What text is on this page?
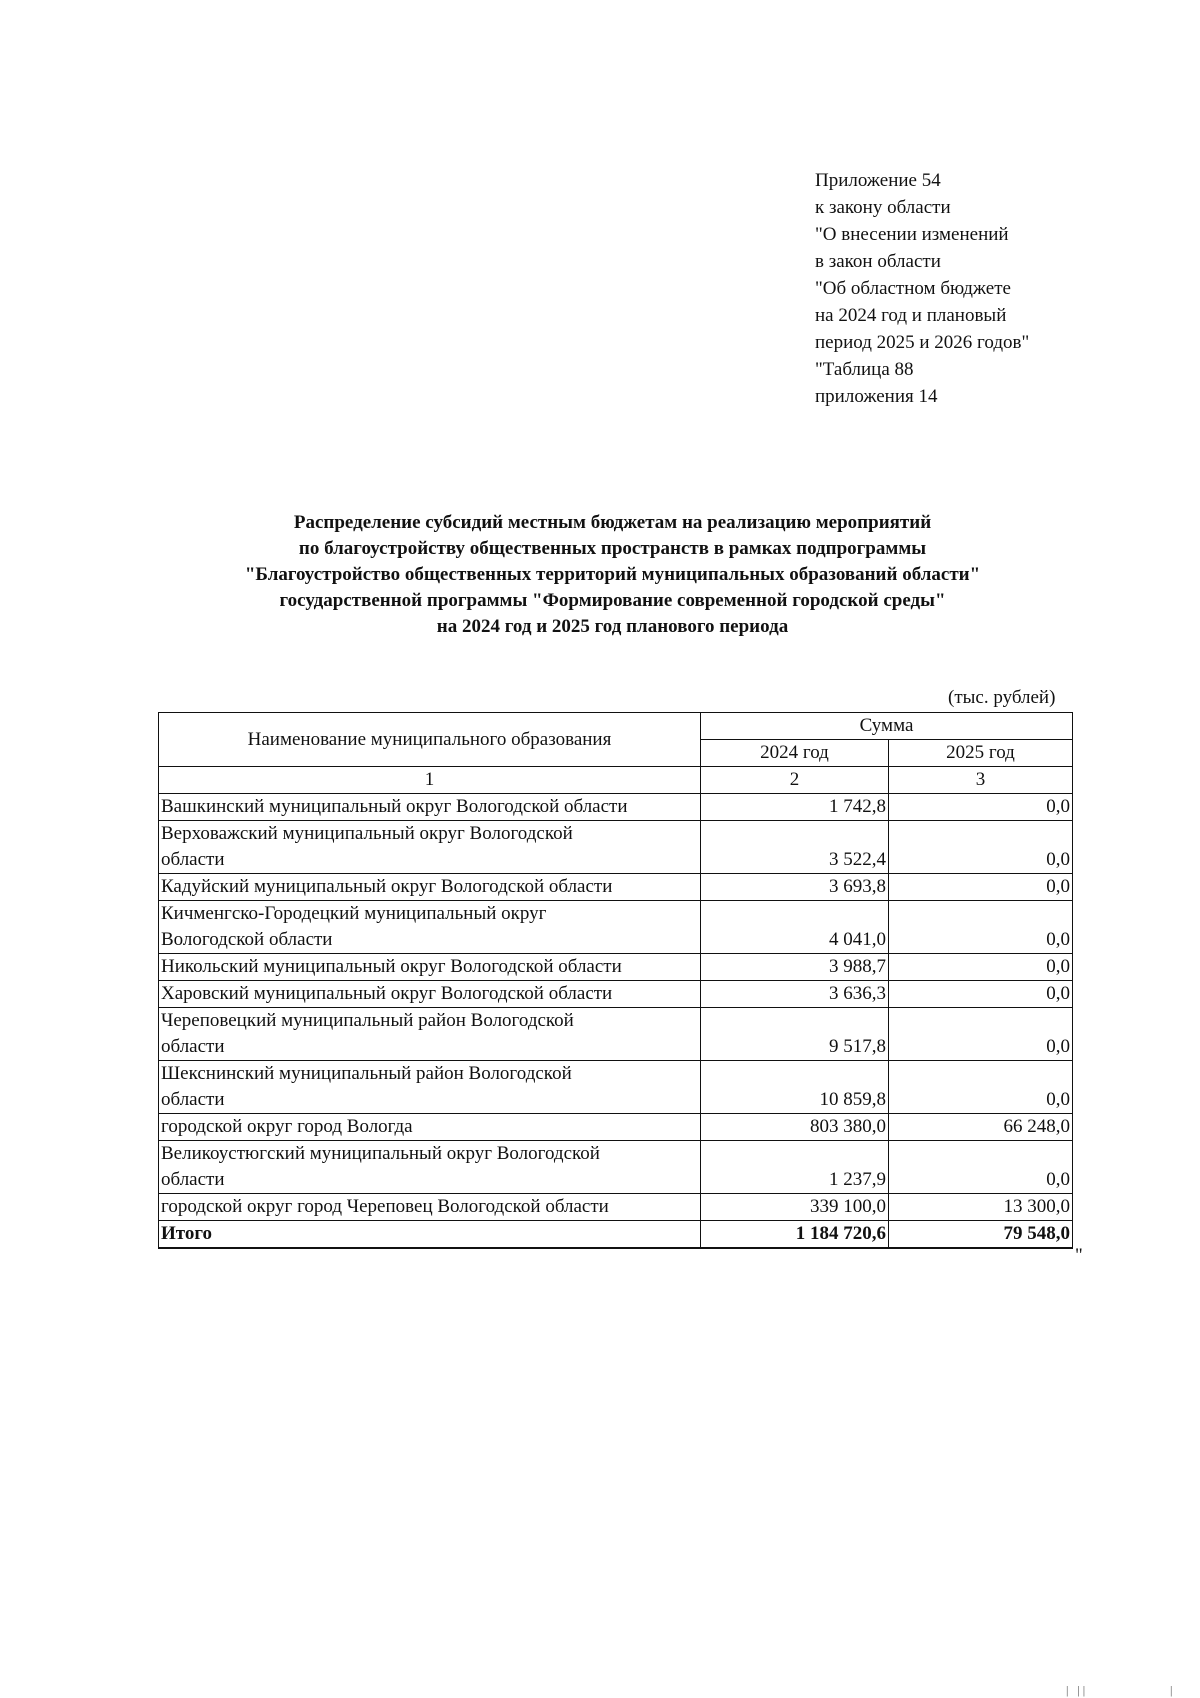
Приложение 54
к закону области
"О внесении изменений
в закон области
"Об областном бюджете
на 2024 год и плановый
период 2025 и 2026 годов"
"Таблица 88
приложения 14
Распределение субсидий местным бюджетам на реализацию мероприятий
по благоустройству общественных пространств в рамках подпрограммы
"Благоустройство общественных территорий муниципальных образований области"
государственной программы "Формирование современной городской среды"
на 2024 год и 2025 год планового периода
(тыс. рублей)
Наименование муниципального образования	Сумма	
	2024 год	2025 год
1	2	3

Вашкинский муниципальный округ Вологодской области	1 742,8	0,0

Верховажский муниципальный округ Вологодской
области	3 522,4	0,0

Кадуйский муниципальный округ Вологодской области	3 693,8	0,0

Кичменгско-Городецкий муниципальный округ
Вологодской области	4 041,0	0,0

Никольский муниципальный округ Вологодской области	3 988,7	0,0

Харовский муниципальный округ Вологодской области	3 636,3	0,0

Череповецкий муниципальный район Вологодской
области	9 517,8	0,0

Шекснинский муниципальный район Вологодской
области	10 859,8	0,0

городской округ город Вологда	803 380,0	66 248,0

Великоустюгский муниципальный округ Вологодской
области	1 237,9	0,0

городской округ город Череповец Вологодской области	339 100,0	13 300,0
Итого	1 184 720,6	79 548,0
"
| ||	|
